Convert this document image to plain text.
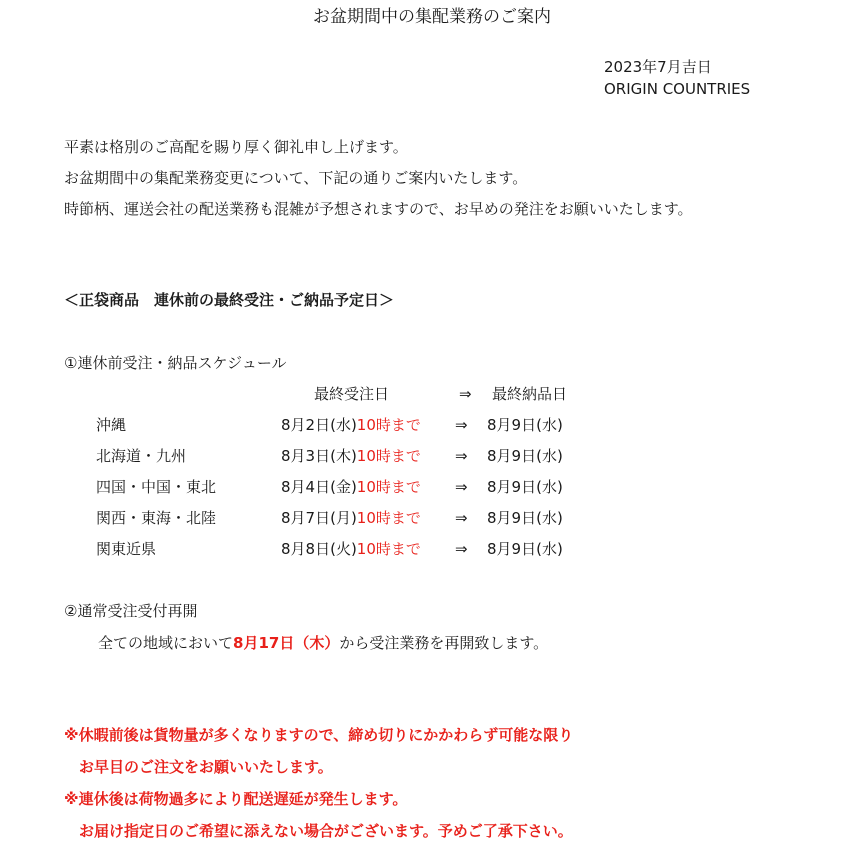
お盆期間中の集配業務のご案内
2023年7月吉日
ORIGIN COUNTRIES
平素は格別のご高配を賜り厚く御礼申し上げます。
お盆期間中の集配業務変更について、下記の通りご案内いたします。
時節柄、運送会社の配送業務も混雑が予想されますので、お早めの発注をお願いいたします。
＜正袋商品　連休前の最終受注・ご納品予定日＞
①連休前受注・納品スケジュール
最終受注日	⇒ 最終納品日
沖縄	8月2日(水)10時まで ⇒ 8月9日(水)
北海道・九州	8月3日(木)10時まで ⇒ 8月9日(水)
四国・中国・東北	8月4日(金)10時まで ⇒ 8月9日(水)
関西・東海・北陸	8月7日(月)10時まで ⇒ 8月9日(水)
関東近県	8月8日(火)10時まで ⇒ 8月9日(水)
②通常受注受付再開
全ての地域において8月17日（木）から受注業務を再開致します。
※休暇前後は貨物量が多くなりますので、締め切りにかかわらず可能な限り
　お早目のご注文をお願いいたします。
※連休後は荷物過多により配送遅延が発生します。
　お届け指定日のご希望に添えない場合がございます。予めご了承下さい。
